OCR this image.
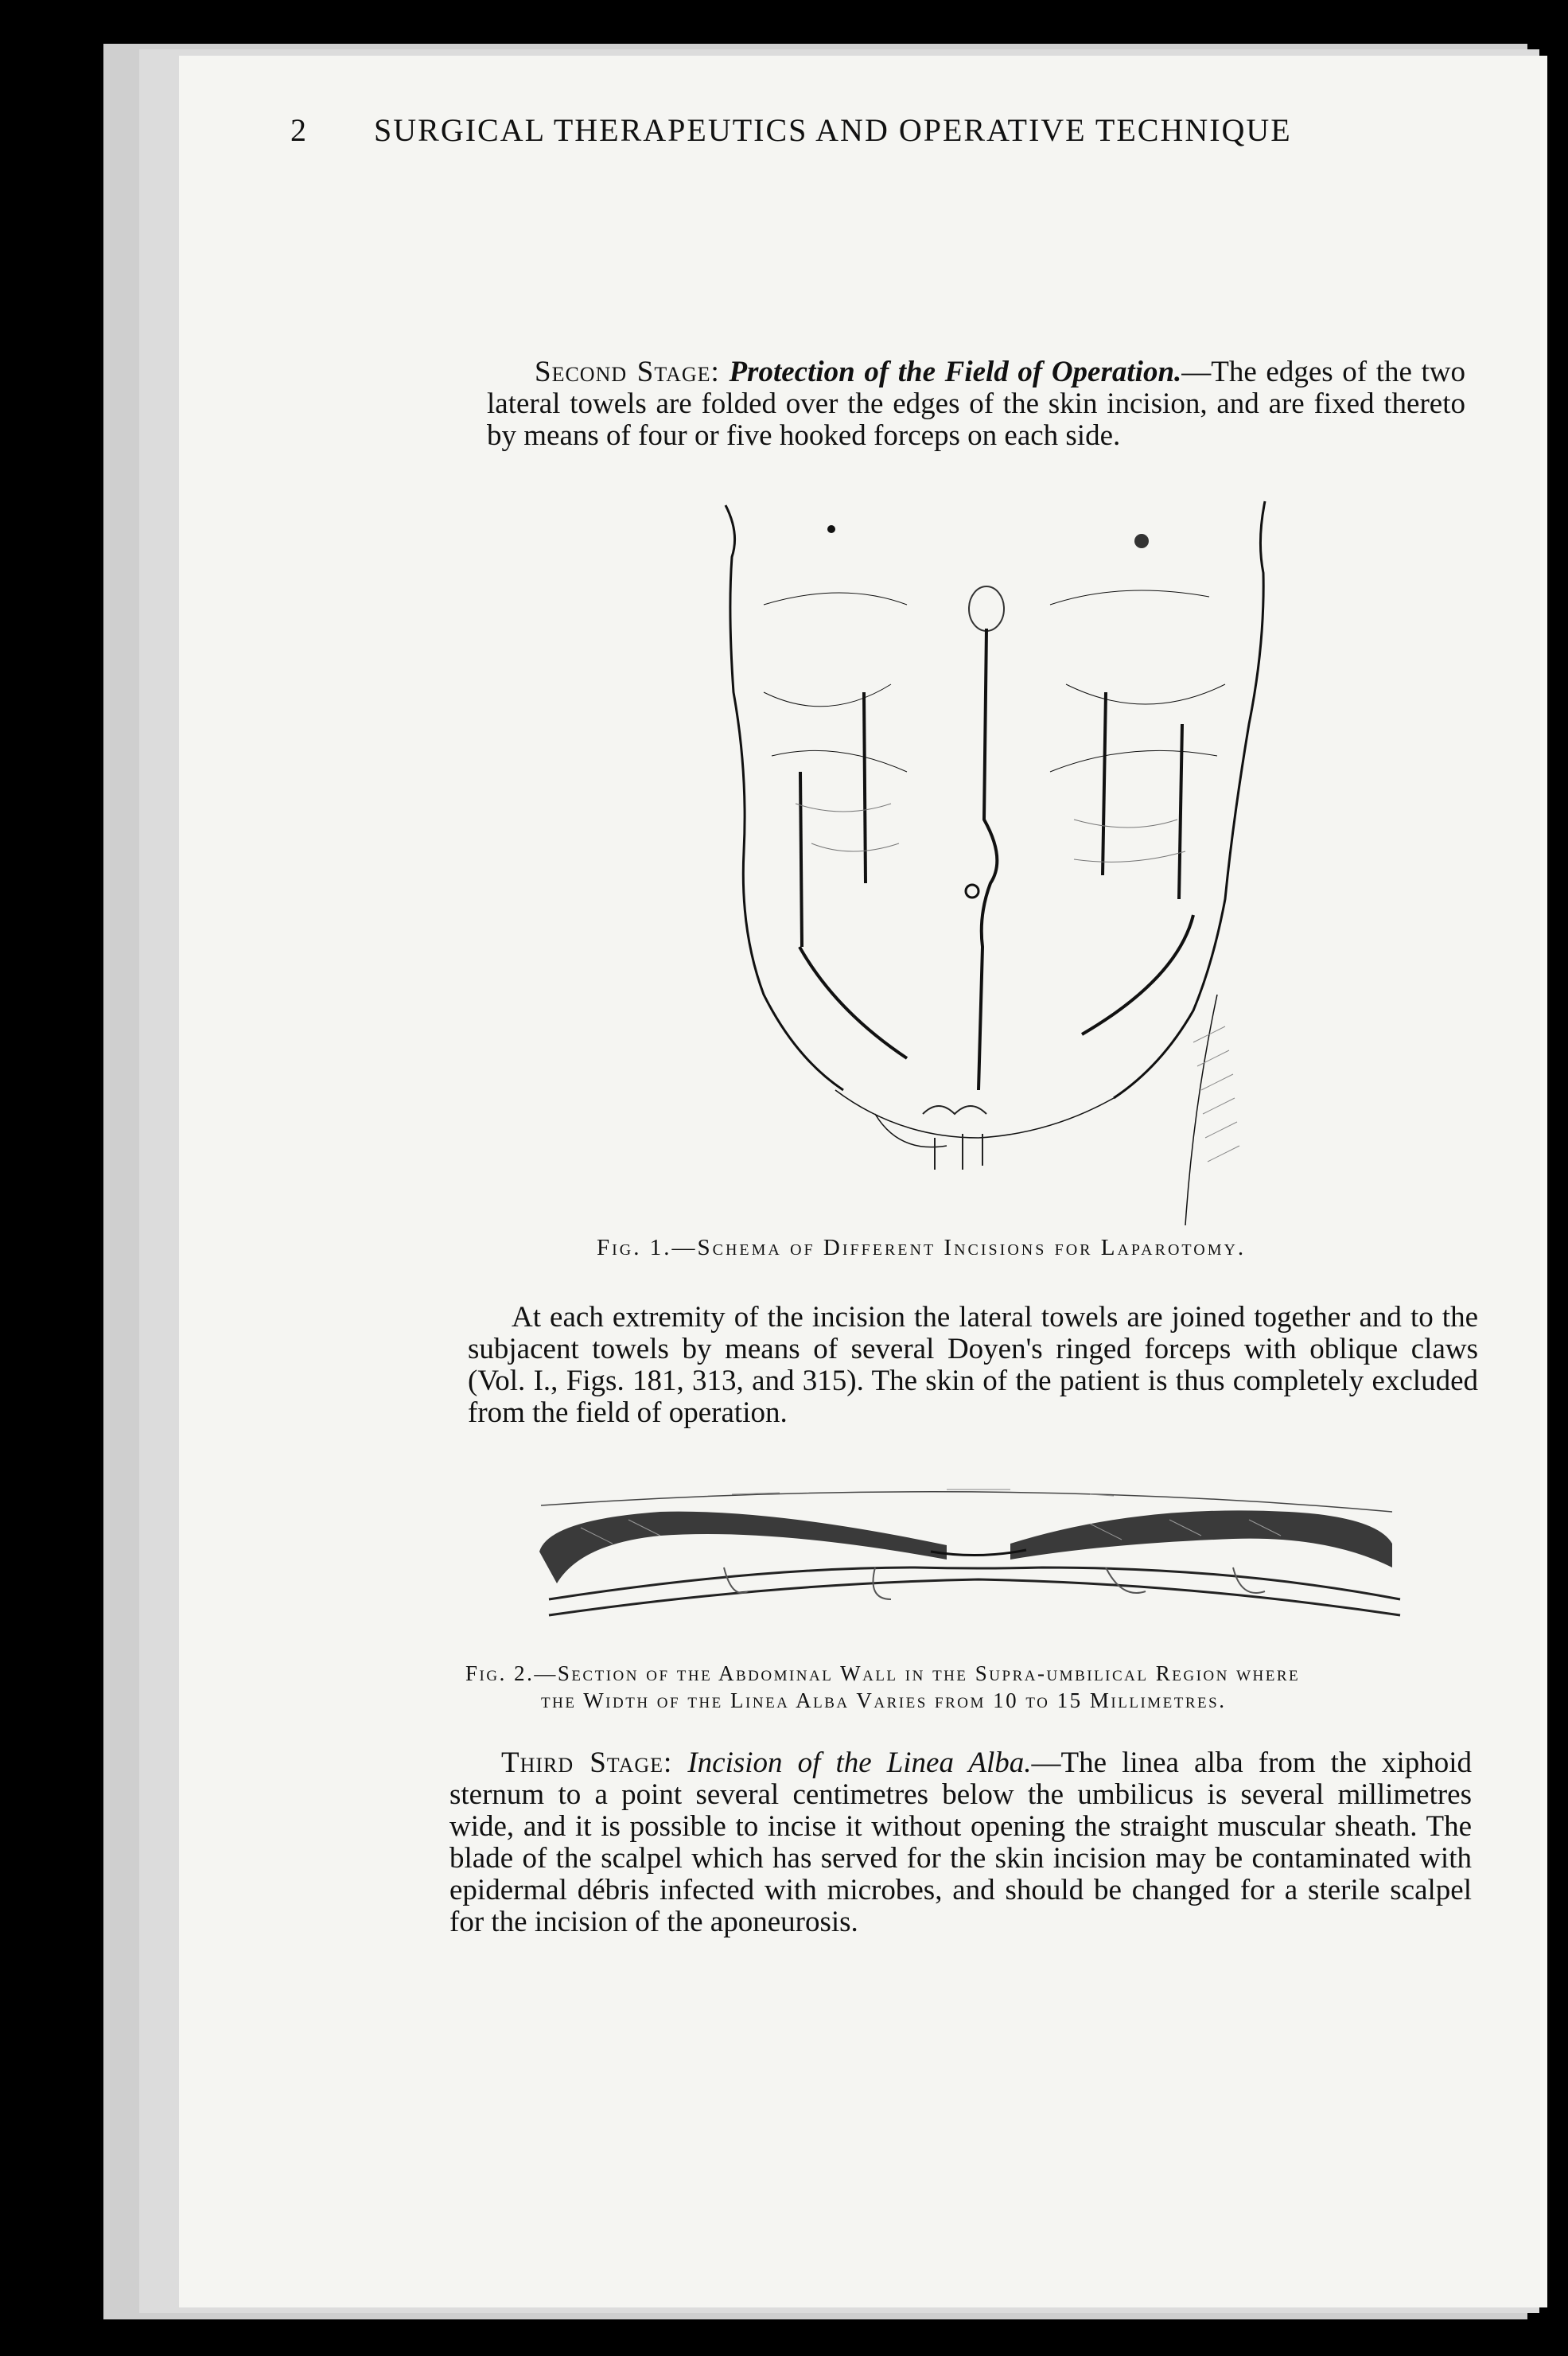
2 SURGICAL THERAPEUTICS AND OPERATIVE TECHNIQUE
Second Stage: Protection of the Field of Operation.—The edges of the two lateral towels are folded over the edges of the skin incision, and are fixed thereto by means of four or five hooked forceps on each side.
Fig. 1.—Schema of Different Incisions for Laparotomy.
At each extremity of the incision the lateral towels are joined together and to the subjacent towels by means of several Doyen's ringed forceps with oblique claws (Vol. I., Figs. 181, 313, and 315). The skin of the patient is thus completely excluded from the field of operation.
Fig. 2.—Section of the Abdominal Wall in the Supra-umbilical Region where
the Width of the Linea Alba Varies from 10 to 15 Millimetres.
Third Stage: Incision of the Linea Alba.—The linea alba from the xiphoid sternum to a point several centimetres below the umbilicus is several millimetres wide, and it is possible to incise it without opening the straight muscular sheath. The blade of the scalpel which has served for the skin incision may be contaminated with epidermal débris infected with microbes, and should be changed for a sterile scalpel for the incision of the aponeurosis.
